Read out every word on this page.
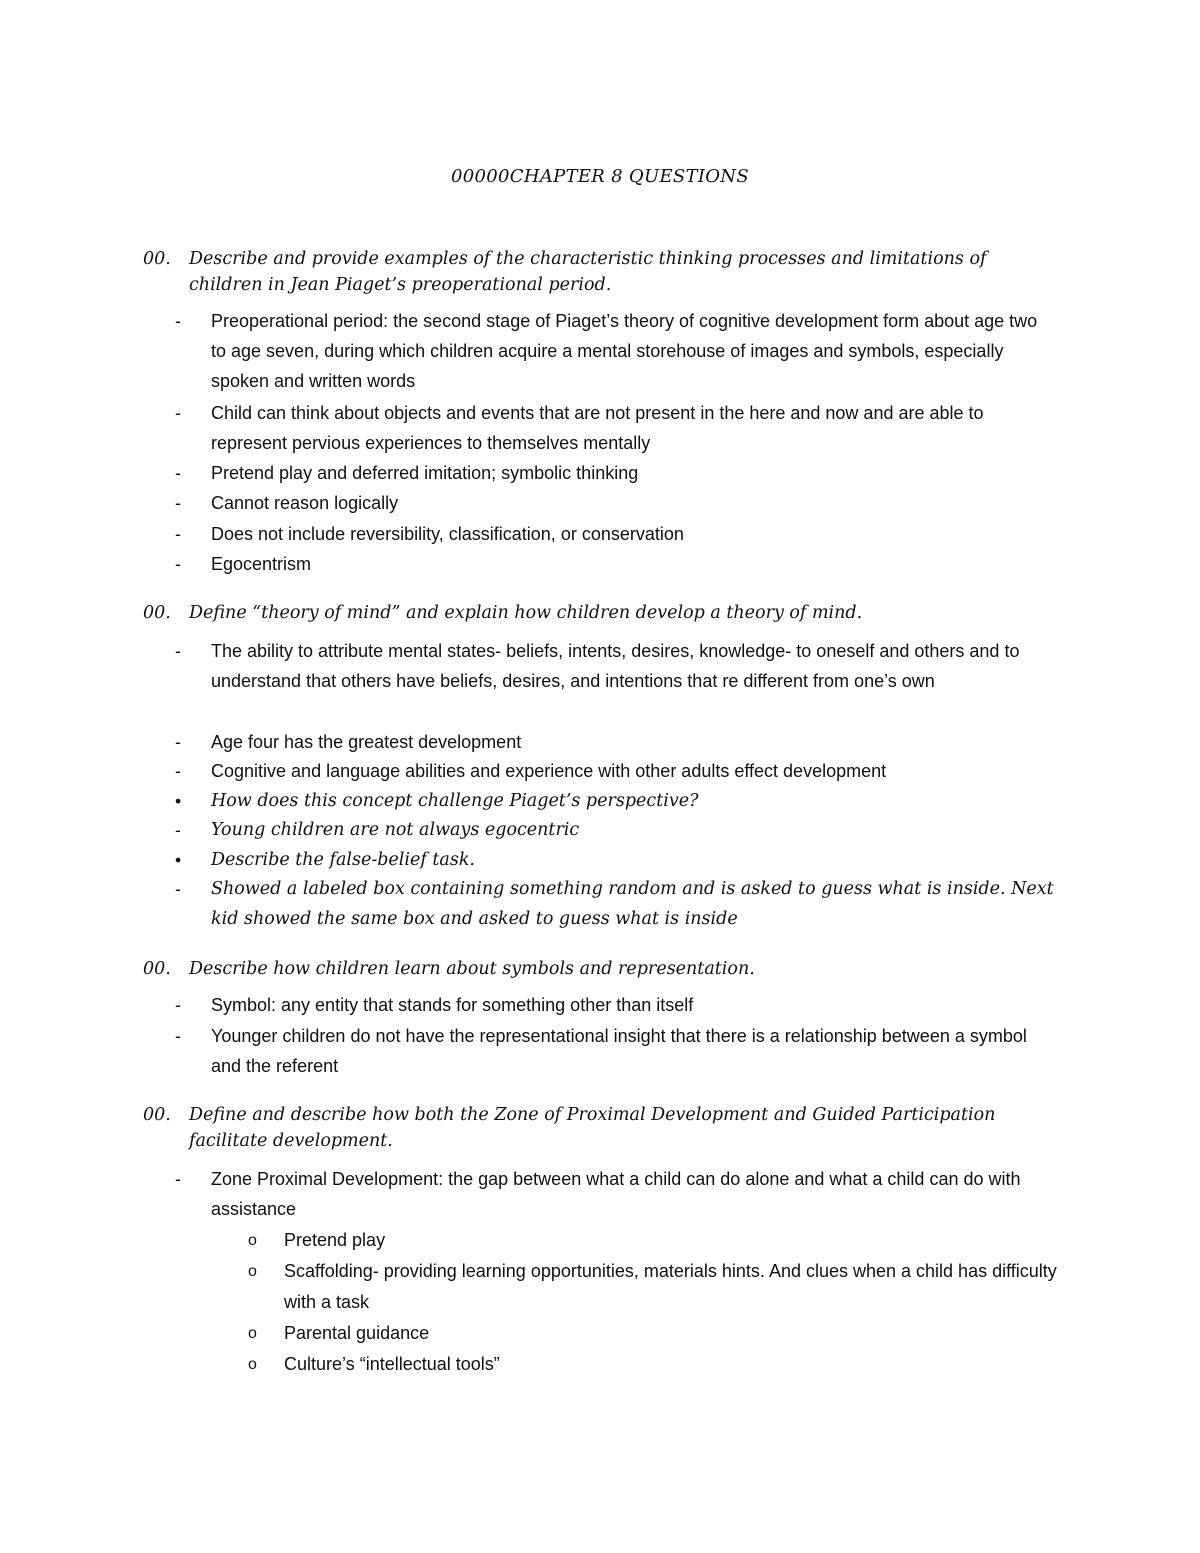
00000CHAPTER 8 QUESTIONS
00. Describe and provide examples of the characteristic thinking processes and limitations of children in Jean Piaget’s preoperational period.
-	Preoperational period: the second stage of Piaget’s theory of cognitive development form about age two to age seven, during which children acquire a mental storehouse of images and symbols, especially spoken and written words
-	Child can think about objects and events that are not present in the here and now and are able to represent pervious experiences to themselves mentally
-	Pretend play and deferred imitation; symbolic thinking
-	Cannot reason logically
-	Does not include reversibility, classification, or conservation
-	Egocentrism
00. Define “theory of mind” and explain how children develop a theory of mind.
-	The ability to attribute mental states- beliefs, intents, desires, knowledge- to oneself and others and to understand that others have beliefs, desires, and intentions that re different from one’s own
-	Age four has the greatest development
-	Cognitive and language abilities and experience with other adults effect development
•	How does this concept challenge Piaget’s perspective?
-	Young children are not always egocentric
•	Describe the false-belief task.
-	Showed a labeled box containing something random and is asked to guess what is inside. Next kid showed the same box and asked to guess what is inside
00. Describe how children learn about symbols and representation.
-	Symbol: any entity that stands for something other than itself
-	Younger children do not have the representational insight that there is a relationship between a symbol and the referent
00. Define and describe how both the Zone of Proximal Development and Guided Participation facilitate development.
-	Zone Proximal Development: the gap between what a child can do alone and what a child can do with assistance
o Pretend play
o Scaffolding- providing learning opportunities, materials hints. And clues when a child has difficulty with a task
o Parental guidance
o Culture’s “intellectual tools”
